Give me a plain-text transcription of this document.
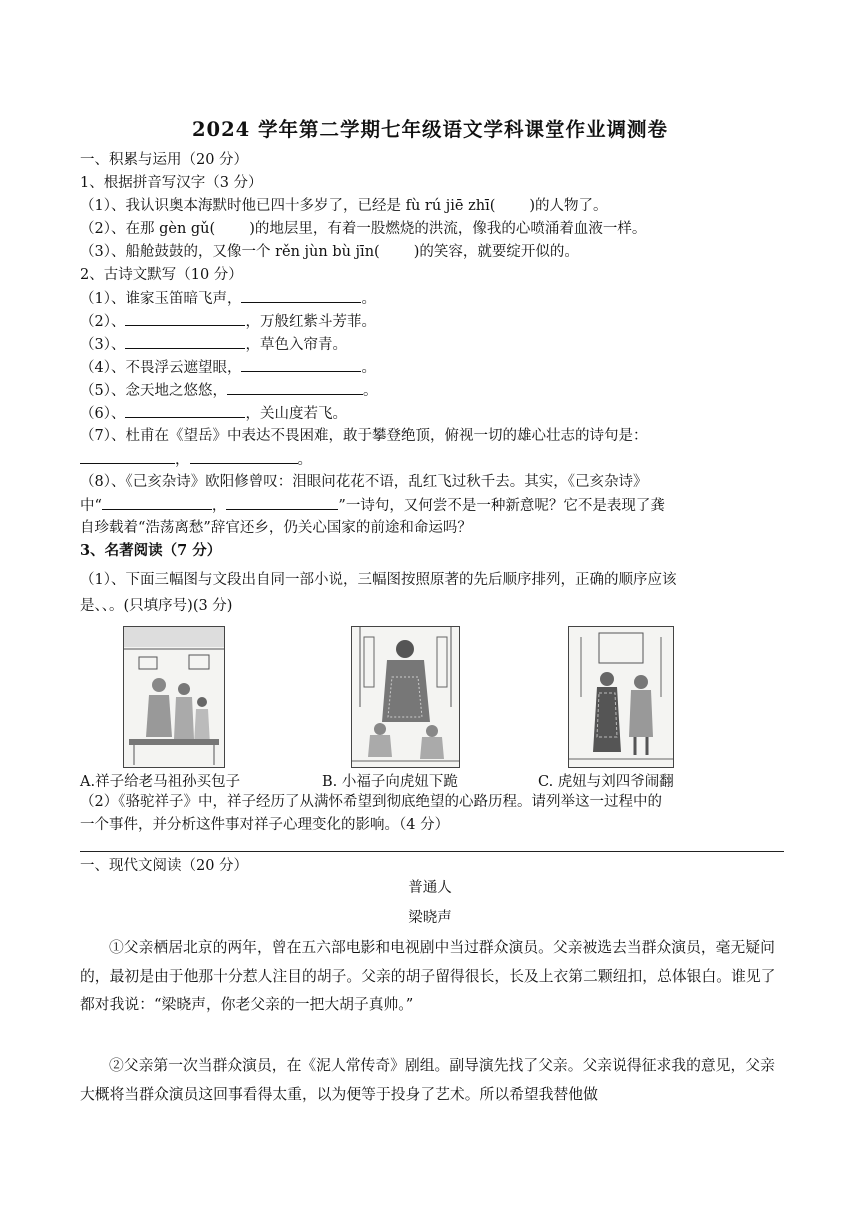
2024 学年第二学期七年级语文学科课堂作业调测卷
一、积累与运用（20 分）
1、根据拼音写汉字（3 分）
（1）、我认识奥本海默时他已四十多岁了，已经是 fù rú jiē zhī( )的人物了。
（2）、在那 gèn gǔ( )的地层里，有着一股燃烧的洪流，像我的心喷涌着血液一样。
（3）、船舱鼓鼓的，又像一个 rěn jùn bù jīn( )的笑容，就要绽开似的。
2、古诗文默写（10 分）
（1）、谁家玉笛暗飞声，	。
（2）、	，万般红紫斗芳菲。
（3）、	，草色入帘青。
（4）、不畏浮云遮望眼，	。
（5）、念天地之悠悠，	。
（6）、	，关山度若飞。
（7）、杜甫在《望岳》中表达不畏困难，敢于攀登绝顶，俯视一切的雄心壮志的诗句是：
，	。
（8）、《己亥杂诗》欧阳修曾叹：泪眼问花花不语，乱红飞过秋千去。其实，《己亥杂诗》
中“	，	”一诗句，又何尝不是一种新意呢？它不是表现了龚
自珍载着“浩荡离愁”辞官还乡，仍关心国家的前途和命运吗？
3、名著阅读（7 分）
（1）、下面三幅图与文段出自同一部小说，三幅图按照原著的先后顺序排列，正确的顺序应该
是、、。(只填序号)(3 分)
A.祥子给老马祖孙买包子	B. 小福子向虎妞下跪	C. 虎妞与刘四爷闹翻
（2）《骆驼祥子》中，祥子经历了从满怀希望到彻底绝望的心路历程。请列举这一过程中的
一个事件，并分析这件事对祥子心理变化的影响。（4 分）
一、现代文阅读（20 分）
普通人
梁晓声
①父亲栖居北京的两年，曾在五六部电影和电视剧中当过群众演员。父亲被选去当群众演员，毫无疑问的，最初是由于他那十分惹人注目的胡子。父亲的胡子留得很长，长及上衣第二颗纽扣，总体银白。谁见了都对我说：“梁晓声，你老父亲的一把大胡子真帅。”
②父亲第一次当群众演员，在《泥人常传奇》剧组。副导演先找了父亲。父亲说得征求我的意见，父亲大概将当群众演员这回事看得太重，以为便等于投身了艺术。所以希望我替他做
